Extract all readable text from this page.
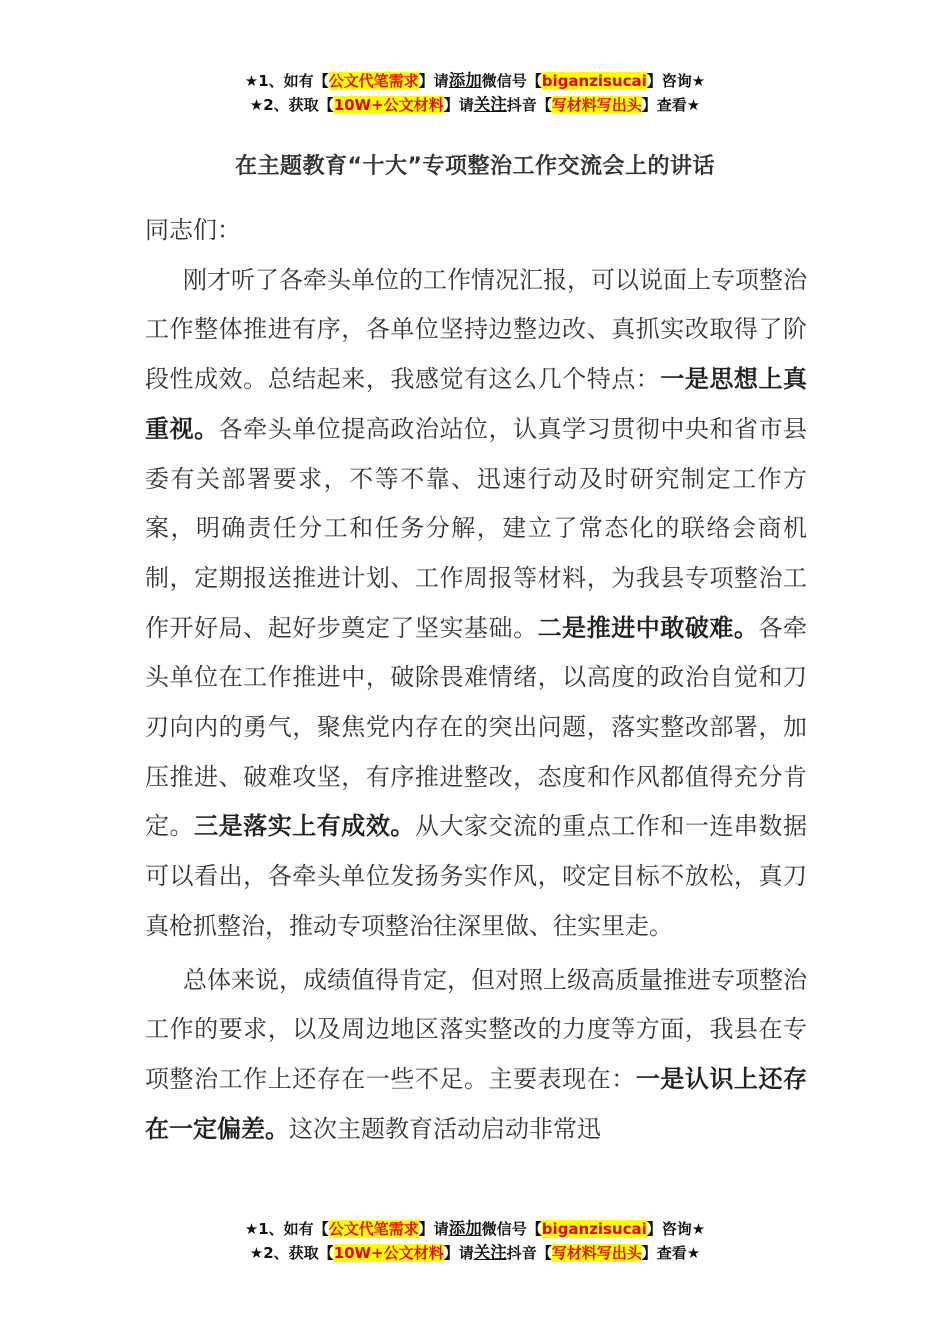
★1、如有【公文代笔需求】请添加微信号【biganzisucai】咨询★
★2、获取【10W+公文材料】请关注抖音【写材料写出头】查看★
在主题教育“十大”专项整治工作交流会上的讲话

同志们：

刚才听了各牵头单位的工作情况汇报，可以说面上专项整治工作整体推进有序，各单位坚持边整边改、真抓实改取得了阶段性成效。总结起来，我感觉有这么几个特点：一是思想上真重视。各牵头单位提高政治站位，认真学习贯彻中央和省市县委有关部署要求，不等不靠、迅速行动及时研究制定工作方案，明确责任分工和任务分解，建立了常态化的联络会商机制，定期报送推进计划、工作周报等材料，为我县专项整治工作开好局、起好步奠定了坚实基础。二是推进中敢破难。各牵头单位在工作推进中，破除畏难情绪，以高度的政治自觉和刀刃向内的勇气，聚焦党内存在的突出问题，落实整改部署，加压推进、破难攻坚，有序推进整改，态度和作风都值得充分肯定。三是落实上有成效。从大家交流的重点工作和一连串数据可以看出，各牵头单位发扬务实作风，咬定目标不放松，真刀真枪抓整治，推动专项整治往深里做、往实里走。

总体来说，成绩值得肯定，但对照上级高质量推进专项整治工作的要求，以及周边地区落实整改的力度等方面，我县在专项整治工作上还存在一些不足。主要表现在：一是认识上还存在一定偏差。这次主题教育活动启动非常迅

★1、如有【公文代笔需求】请添加微信号【biganzisucai】咨询★
★2、获取【10W+公文材料】请关注抖音【写材料写出头】查看★
